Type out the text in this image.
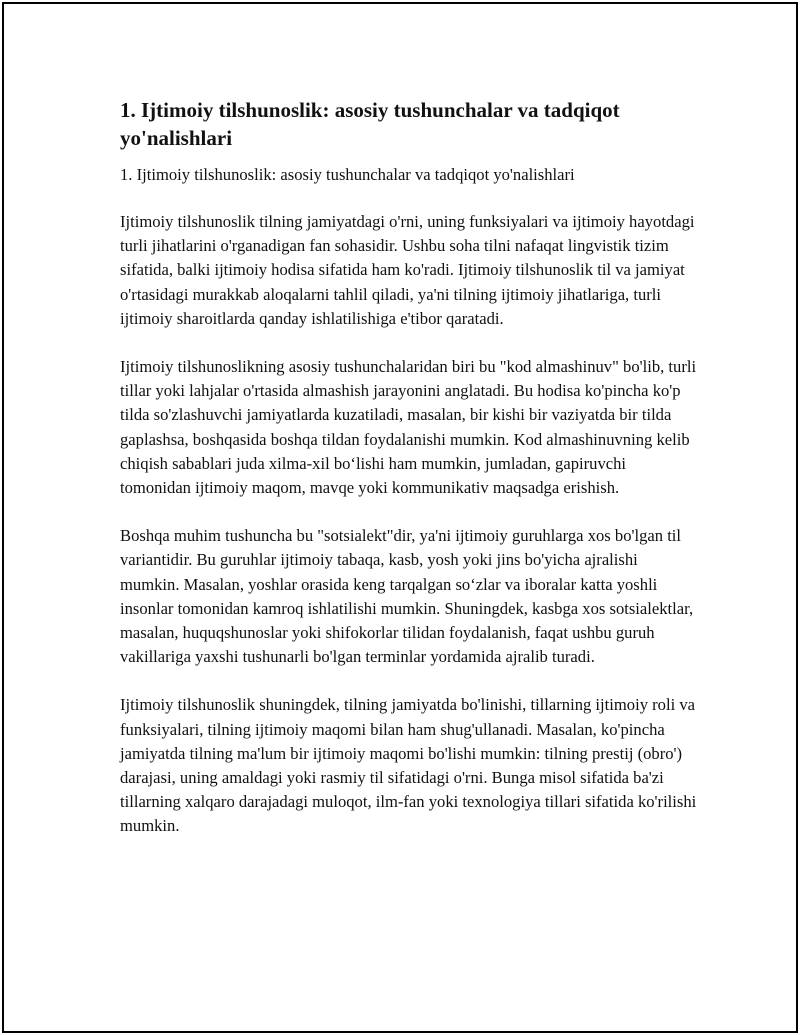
1. Ijtimoiy tilshunoslik: asosiy tushunchalar va tadqiqot yo'nalishlari
1. Ijtimoiy tilshunoslik: asosiy tushunchalar va tadqiqot yo'nalishlari

Ijtimoiy tilshunoslik tilning jamiyatdagi o'rni, uning funksiyalari va ijtimoiy hayotdagi turli jihatlarini o'rganadigan fan sohasidir. Ushbu soha tilni nafaqat lingvistik tizim sifatida, balki ijtimoiy hodisa sifatida ham ko'radi. Ijtimoiy tilshunoslik til va jamiyat o'rtasidagi murakkab aloqalarni tahlil qiladi, ya'ni tilning ijtimoiy jihatlariga, turli ijtimoiy sharoitlarda qanday ishlatilishiga e'tibor qaratadi.

Ijtimoiy tilshunoslikning asosiy tushunchalaridan biri bu "kod almashinuv" bo'lib, turli tillar yoki lahjalar o'rtasida almashish jarayonini anglatadi. Bu hodisa ko'pincha ko'p tilda so'zlashuvchi jamiyatlarda kuzatiladi, masalan, bir kishi bir vaziyatda bir tilda gaplashsa, boshqasida boshqa tildan foydalanishi mumkin. Kod almashinuvning kelib chiqish sabablari juda xilma-xil bo‘lishi ham mumkin, jumladan, gapiruvchi tomonidan ijtimoiy maqom, mavqe yoki kommunikativ maqsadga erishish.

Boshqa muhim tushuncha bu "sotsialekt"dir, ya'ni ijtimoiy guruhlarga xos bo'lgan til variantidir. Bu guruhlar ijtimoiy tabaqa, kasb, yosh yoki jins bo'yicha ajralishi mumkin. Masalan, yoshlar orasida keng tarqalgan so‘zlar va iboralar katta yoshli insonlar tomonidan kamroq ishlatilishi mumkin. Shuningdek, kasbga xos sotsialektlar, masalan, huquqshunoslar yoki shifokorlar tilidan foydalanish, faqat ushbu guruh vakillariga yaxshi tushunarli bo'lgan terminlar yordamida ajralib turadi.

Ijtimoiy tilshunoslik shuningdek, tilning jamiyatda bo'linishi, tillarning ijtimoiy roli va funksiyalari, tilning ijtimoiy maqomi bilan ham shug'ullanadi. Masalan, ko'pincha jamiyatda tilning ma'lum bir ijtimoiy maqomi bo'lishi mumkin: tilning prestij (obro') darajasi, uning amaldagi yoki rasmiy til sifatidagi o'rni. Bunga misol sifatida ba'zi tillarning xalqaro darajadagi muloqot, ilm-fan yoki texnologiya tillari sifatida ko'rilishi mumkin.
